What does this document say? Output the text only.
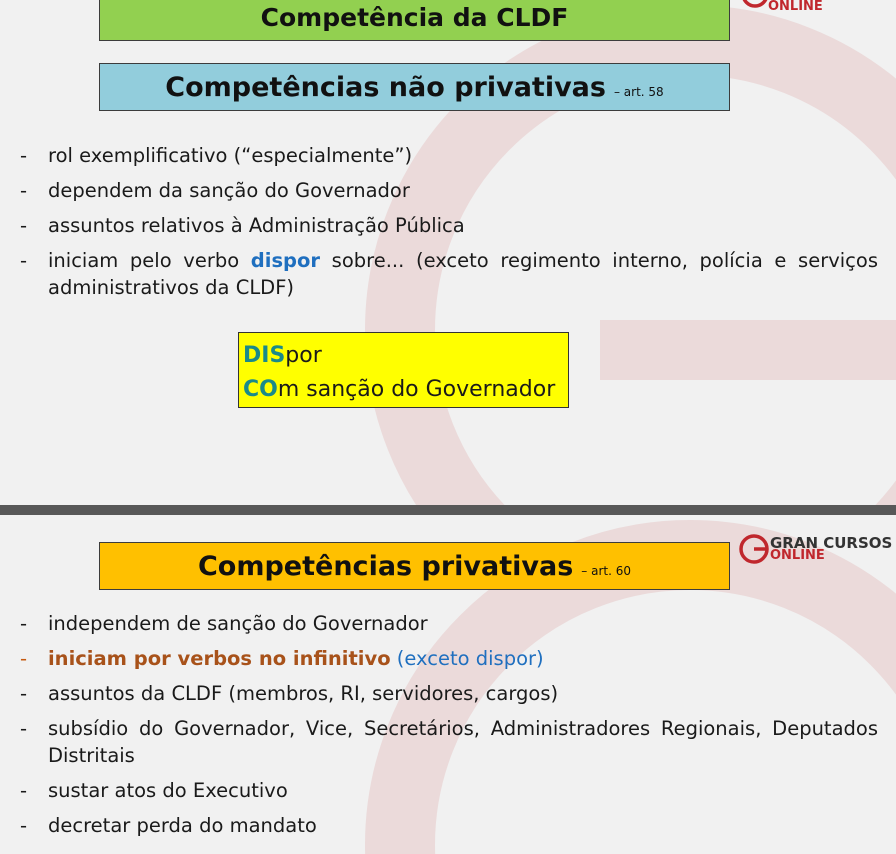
Competência da CLDF	ONLINE
Competências não privativas – art. 58
- rol exemplificativo (“especialmente”)
- dependem da sanção do Governador
- assuntos relativos à Administração Pública
- iniciam pelo verbo dispor sobre... (exceto regimento interno, polícia e serviços
administrativos da CLDF)
DISpor
COm sanção do Governador
GRAN CURSOS
ONLINE
Competências privativas – art. 60
- independem de sanção do Governador
- iniciam por verbos no infinitivo (exceto dispor)
- assuntos da CLDF (membros, RI, servidores, cargos)
- subsídio do Governador, Vice, Secretários, Administradores Regionais, Deputados
Distritais
- sustar atos do Executivo
- decretar perda do mandato
